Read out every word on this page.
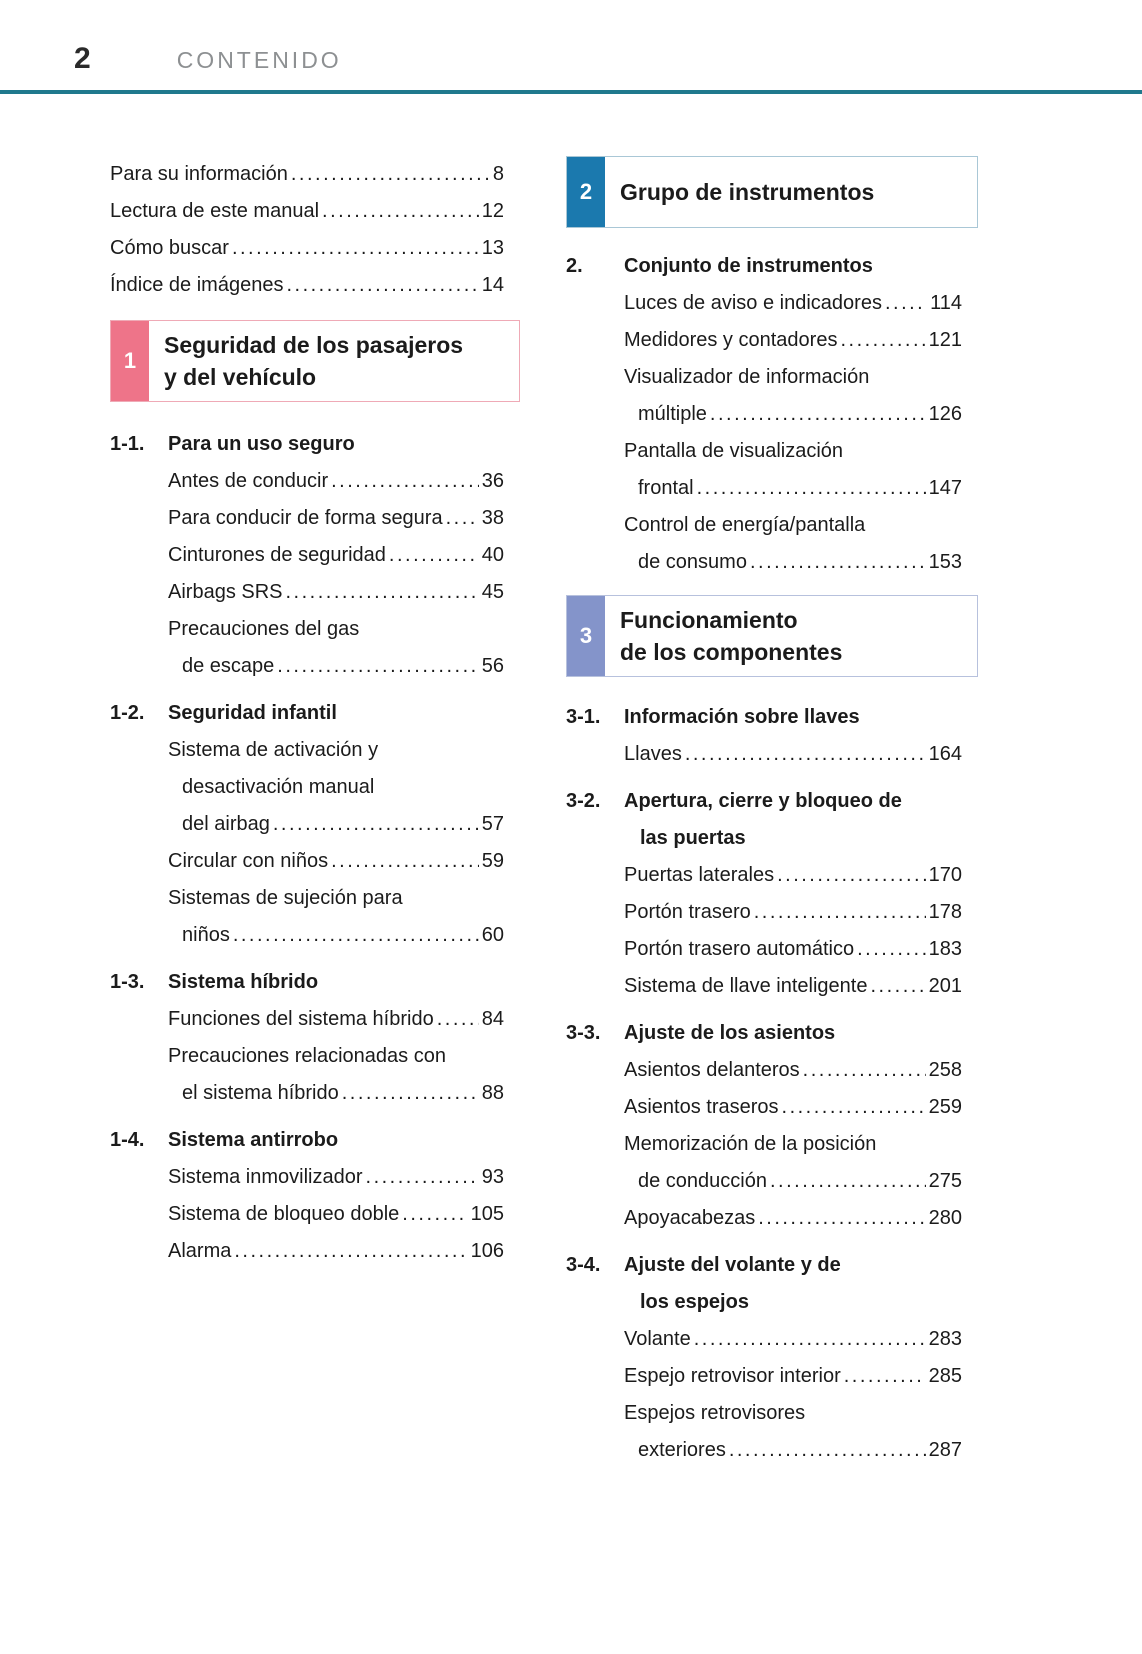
2	CONTENIDO
Para su información .....	8
Lectura de este manual .....	12
Cómo buscar .....	13
Índice de imágenes .....	14
1
Seguridad de los pasajeros
y del vehículo
1-1.	Para un uso seguro
Antes de conducir .....	36
Para conducir de forma segura ..... 38
Cinturones de seguridad .....	40
Airbags SRS .....	45
Precauciones del gas
de escape .....	56
1-2.	Seguridad infantil
Sistema de activación y
desactivación manual
del airbag .....	57
Circular con niños .....	59
Sistemas de sujeción para
niños .....	60
1-3.	Sistema híbrido
Funciones del sistema híbrido ..... 84
Precauciones relacionadas con
el sistema híbrido .....	88
1-4.	Sistema antirrobo
Sistema inmovilizador .....	93
Sistema de bloqueo doble .....	105
Alarma .....	106
2	Grupo de instrumentos
2.	Conjunto de instrumentos
Luces de aviso e indicadores ..... 114
Medidores y contadores .....	121
Visualizador de información
múltiple .....	126
Pantalla de visualización
frontal .....	147
Control de energía/pantalla
de consumo .....	153
3
Funcionamiento
de los componentes
3-1.	Información sobre llaves
Llaves .....	164
3-2.	Apertura, cierre y bloqueo de
las puertas
Puertas laterales .....	170
Portón trasero .....	178
Portón trasero automático .....	183
Sistema de llave inteligente .....	201
3-3.	Ajuste de los asientos
Asientos delanteros .....	258
Asientos traseros .....	259
Memorización de la posición
de conducción .....	275
Apoyacabezas .....	280
3-4.	Ajuste del volante y de
los espejos
Volante .....	283
Espejo retrovisor interior .....	285
Espejos retrovisores
exteriores .....	287
